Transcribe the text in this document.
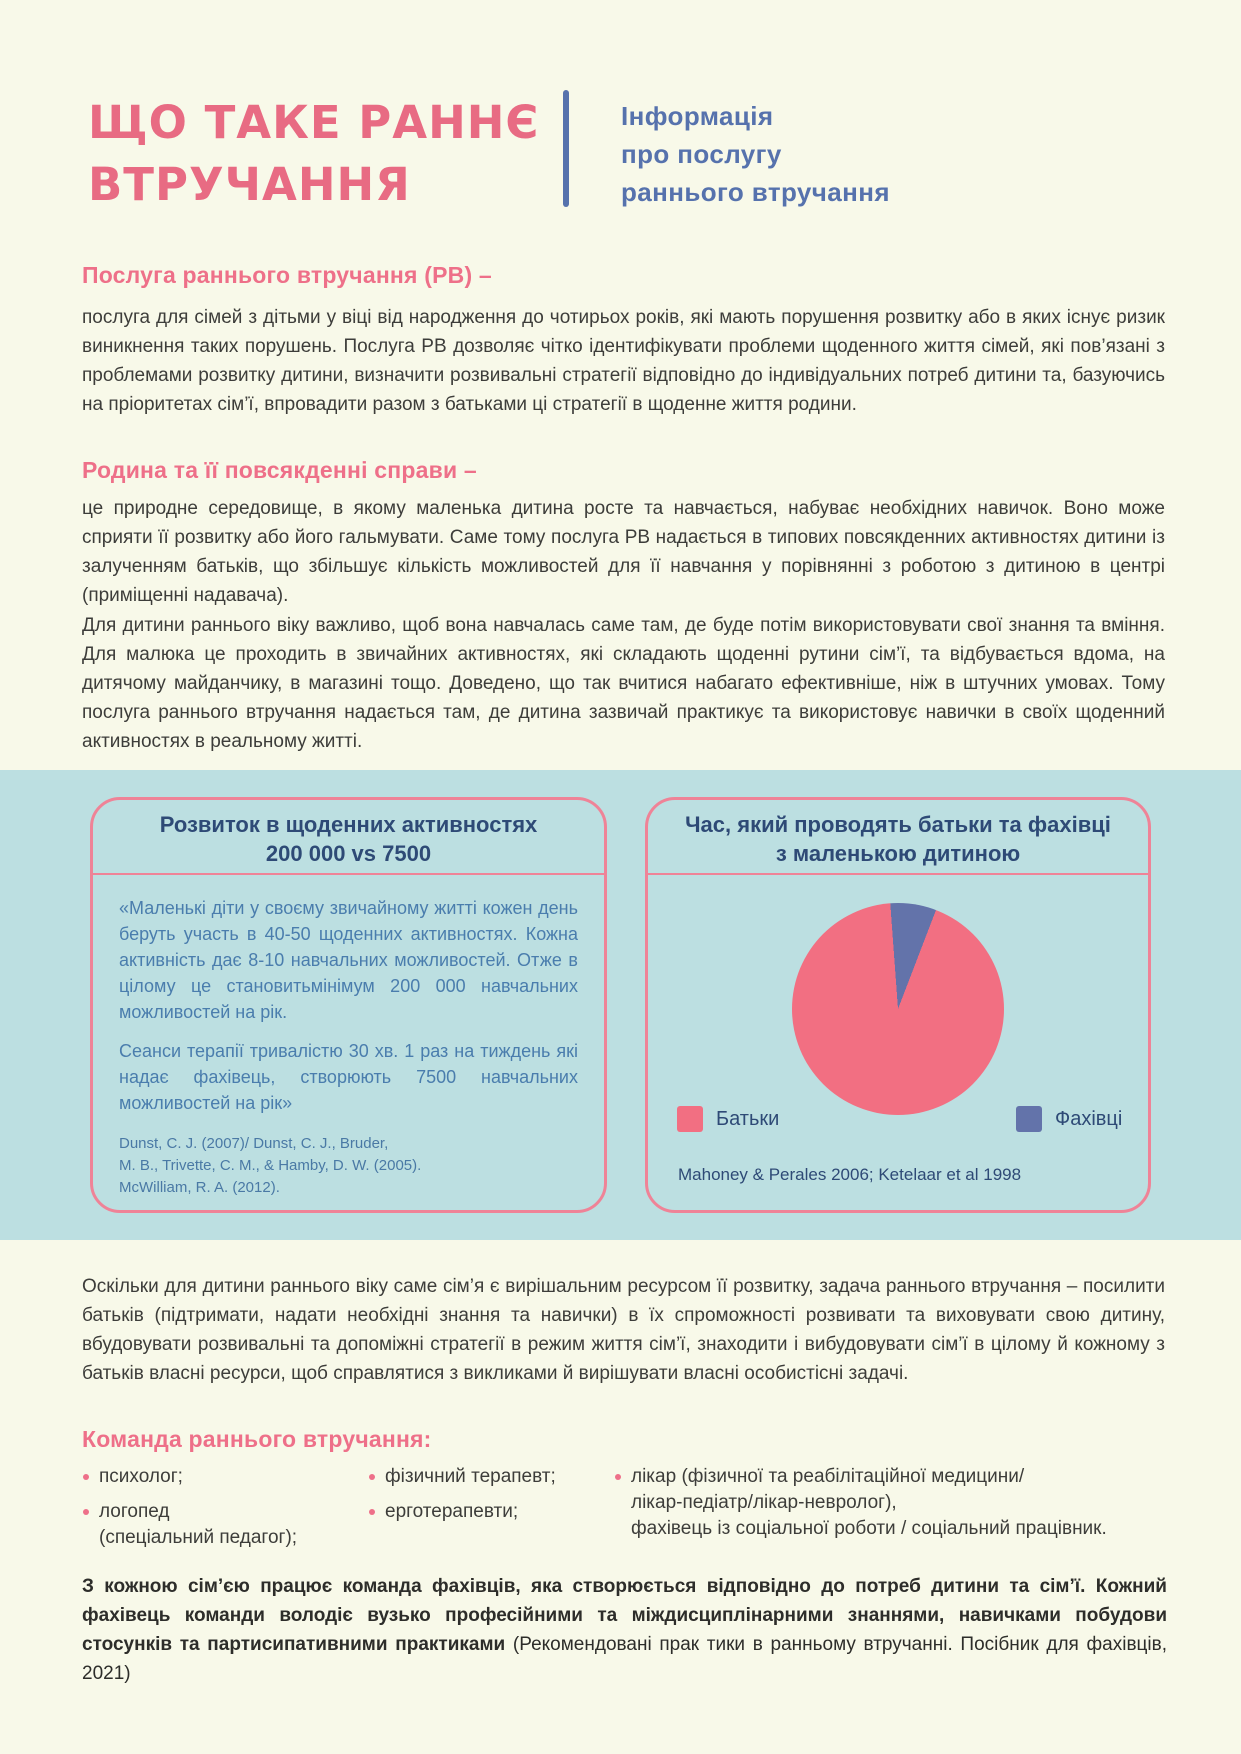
ЩО ТАКЕ РАННЄ
ВТРУЧАННЯ
Інформація
про послугу
раннього втручання
Послуга раннього втручання (РВ) –

послуга для сімей з дітьми у віці від народження до чотирьох років, які мають порушення розвитку або в яких існує ризик виникнення таких порушень. Послуга РВ дозволяє чітко ідентифікувати проблеми щоденного життя сімей, які пов’язані з проблемами розвитку дитини, визначити розвивальні стратегії відповідно до індивідуальних потреб дитини та, базуючись на пріоритетах сім’ї, впровадити разом з батьками ці стратегії в щоденне життя родини.

Родина та її повсякденні справи –

це природне середовище, в якому маленька дитина росте та навчається, набуває необхідних навичок. Воно може сприяти її розвитку або його гальмувати. Саме тому послуга РВ надається в типових повсякденних активностях дитини із залученням батьків, що збільшує кількість можливостей для її навчання у порівнянні з роботою з дитиною в центрі (приміщенні надавача).

Для дитини раннього віку важливо, щоб вона навчалась саме там, де буде потім використовувати свої знання та вміння. Для малюка це проходить в звичайних активностях, які складають щоденні рутини сім’ї, та відбувається вдома, на дитячому майданчику, в магазині тощо. Доведено, що так вчитися набагато ефективніше, ніж в штучних умовах. Тому послуга раннього втручання надається там, де дитина зазвичай практикує та використовує навички в своїх щоденний активностях в реальному житті.

Розвиток в щоденних активностях
200 000 vs 7500

«Маленькі діти у своєму звичайному житті кожен день беруть участь в 40-50 щоденних активностях. Кожна активність дає 8-10 навчальних можливостей. Отже в цілому це становитьмінімум 200 000 навчальних можливостей на рік.

Сеанси терапії тривалістю 30 хв. 1 раз на тиждень які надає фахівець, створюють 7500 навчальних можливостей на рік»

Dunst, C. J. (2007)/ Dunst, C. J., Bruder,
M. B., Trivette, C. M., & Hamby, D. W. (2005).
McWilliam, R. A. (2012).
Час, який проводять батьки та фахівці
з маленькою дитиною
Батьки	Фахівці
Mahoney & Perales 2006; Ketelaar et al 1998

Оскільки для дитини раннього віку саме сім’я є вирішальним ресурсом її розвитку, задача раннього втручання – посилити батьків (підтримати, надати необхідні знання та навички) в їх спроможності розвивати та виховувати свою дитину, вбудовувати розвивальні та допоміжні стратегії в режим життя сім’ї, знаходити і вибудовувати сім’ї в цілому й кожному з батьків власні ресурси, щоб справлятися з викликами й вирішувати власні особистісні задачі.

Команда раннього втручання:
психолог;
логопед
(спеціальний педагог);
фізичний терапевт;
ерготерапевти;
лікар (фізичної та реабілітаційної медицини/
лікар-педіатр/лікар-невролог),
фахівець із соціальної роботи / соціальний працівник.

З кожною сім’єю працює команда фахівців, яка створюється відповідно до потреб дитини та сім’ї. Кожний фахівець команди володіє вузько професійними та міждисциплінарними знаннями, навичками побудови стосунків та партисипативними практиками (Рекомендовані прак тики в ранньому втручанні. Посібник для фахівців, 2021)
